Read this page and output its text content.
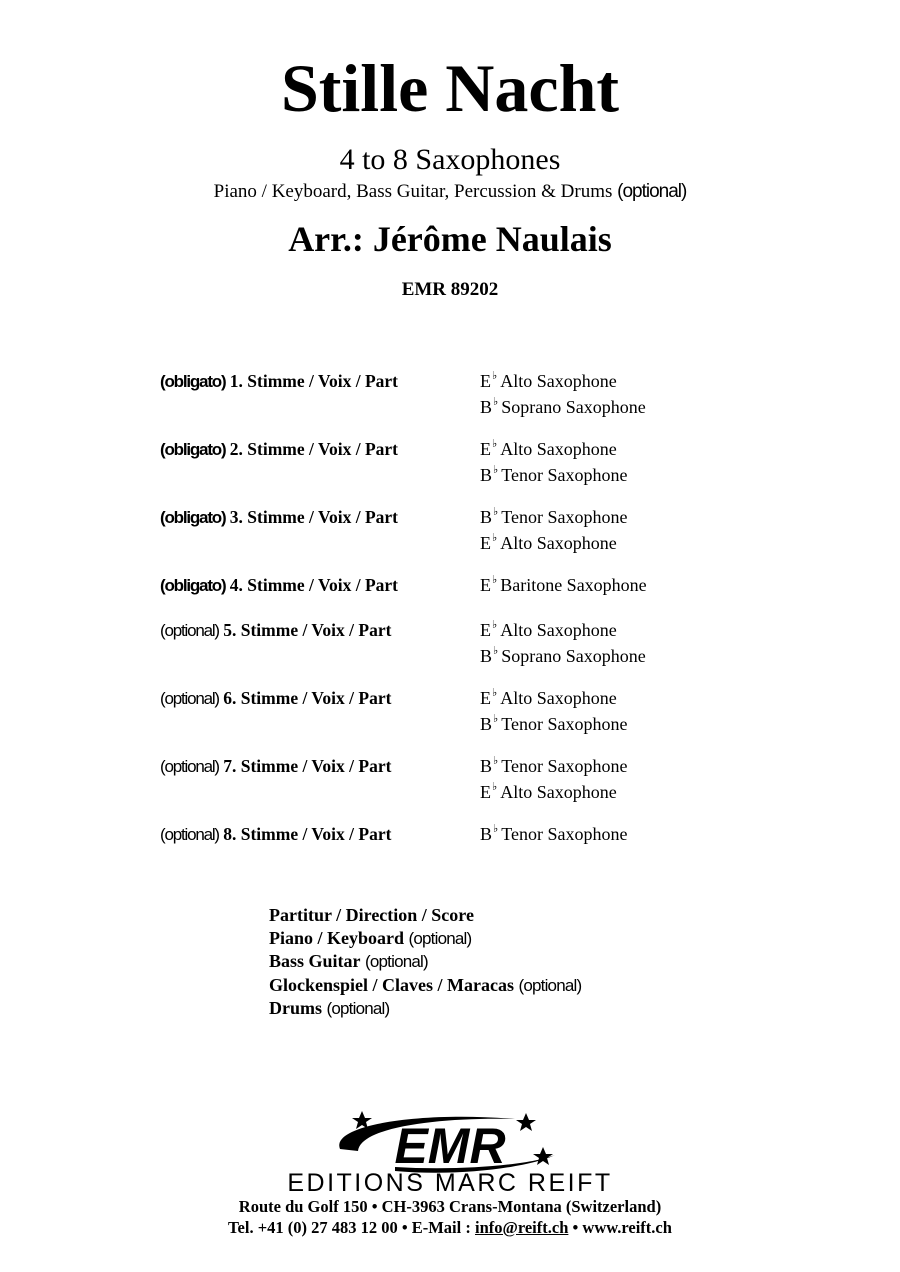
Stille Nacht
4 to 8 Saxophones
Piano / Keyboard, Bass Guitar, Percussion & Drums (optional)
Arr.: Jérôme Naulais
EMR 89202
(obligato) 1. Stimme / Voix / Part	E♭ Alto Saxophone
B♭ Soprano Saxophone
(obligato) 2. Stimme / Voix / Part	E♭ Alto Saxophone
B♭ Tenor Saxophone
(obligato) 3. Stimme / Voix / Part	B♭ Tenor Saxophone
E♭ Alto Saxophone
(obligato) 4. Stimme / Voix / Part	E♭ Baritone Saxophone
(optional) 5. Stimme / Voix / Part	E♭ Alto Saxophone
B♭ Soprano Saxophone
(optional) 6. Stimme / Voix / Part	E♭ Alto Saxophone
B♭ Tenor Saxophone
(optional) 7. Stimme / Voix / Part	B♭ Tenor Saxophone
E♭ Alto Saxophone
(optional) 8. Stimme / Voix / Part	B♭ Tenor Saxophone
Partitur / Direction / Score
Piano / Keyboard (optional)
Bass Guitar (optional)
Glockenspiel / Claves / Maracas (optional)
Drums (optional)
EMR
EDITIONS MARC REIFT
Route du Golf 150 • CH-3963 Crans-Montana (Switzerland)
Tel. +41 (0) 27 483 12 00 • E-Mail : info@reift.ch • www.reift.ch
